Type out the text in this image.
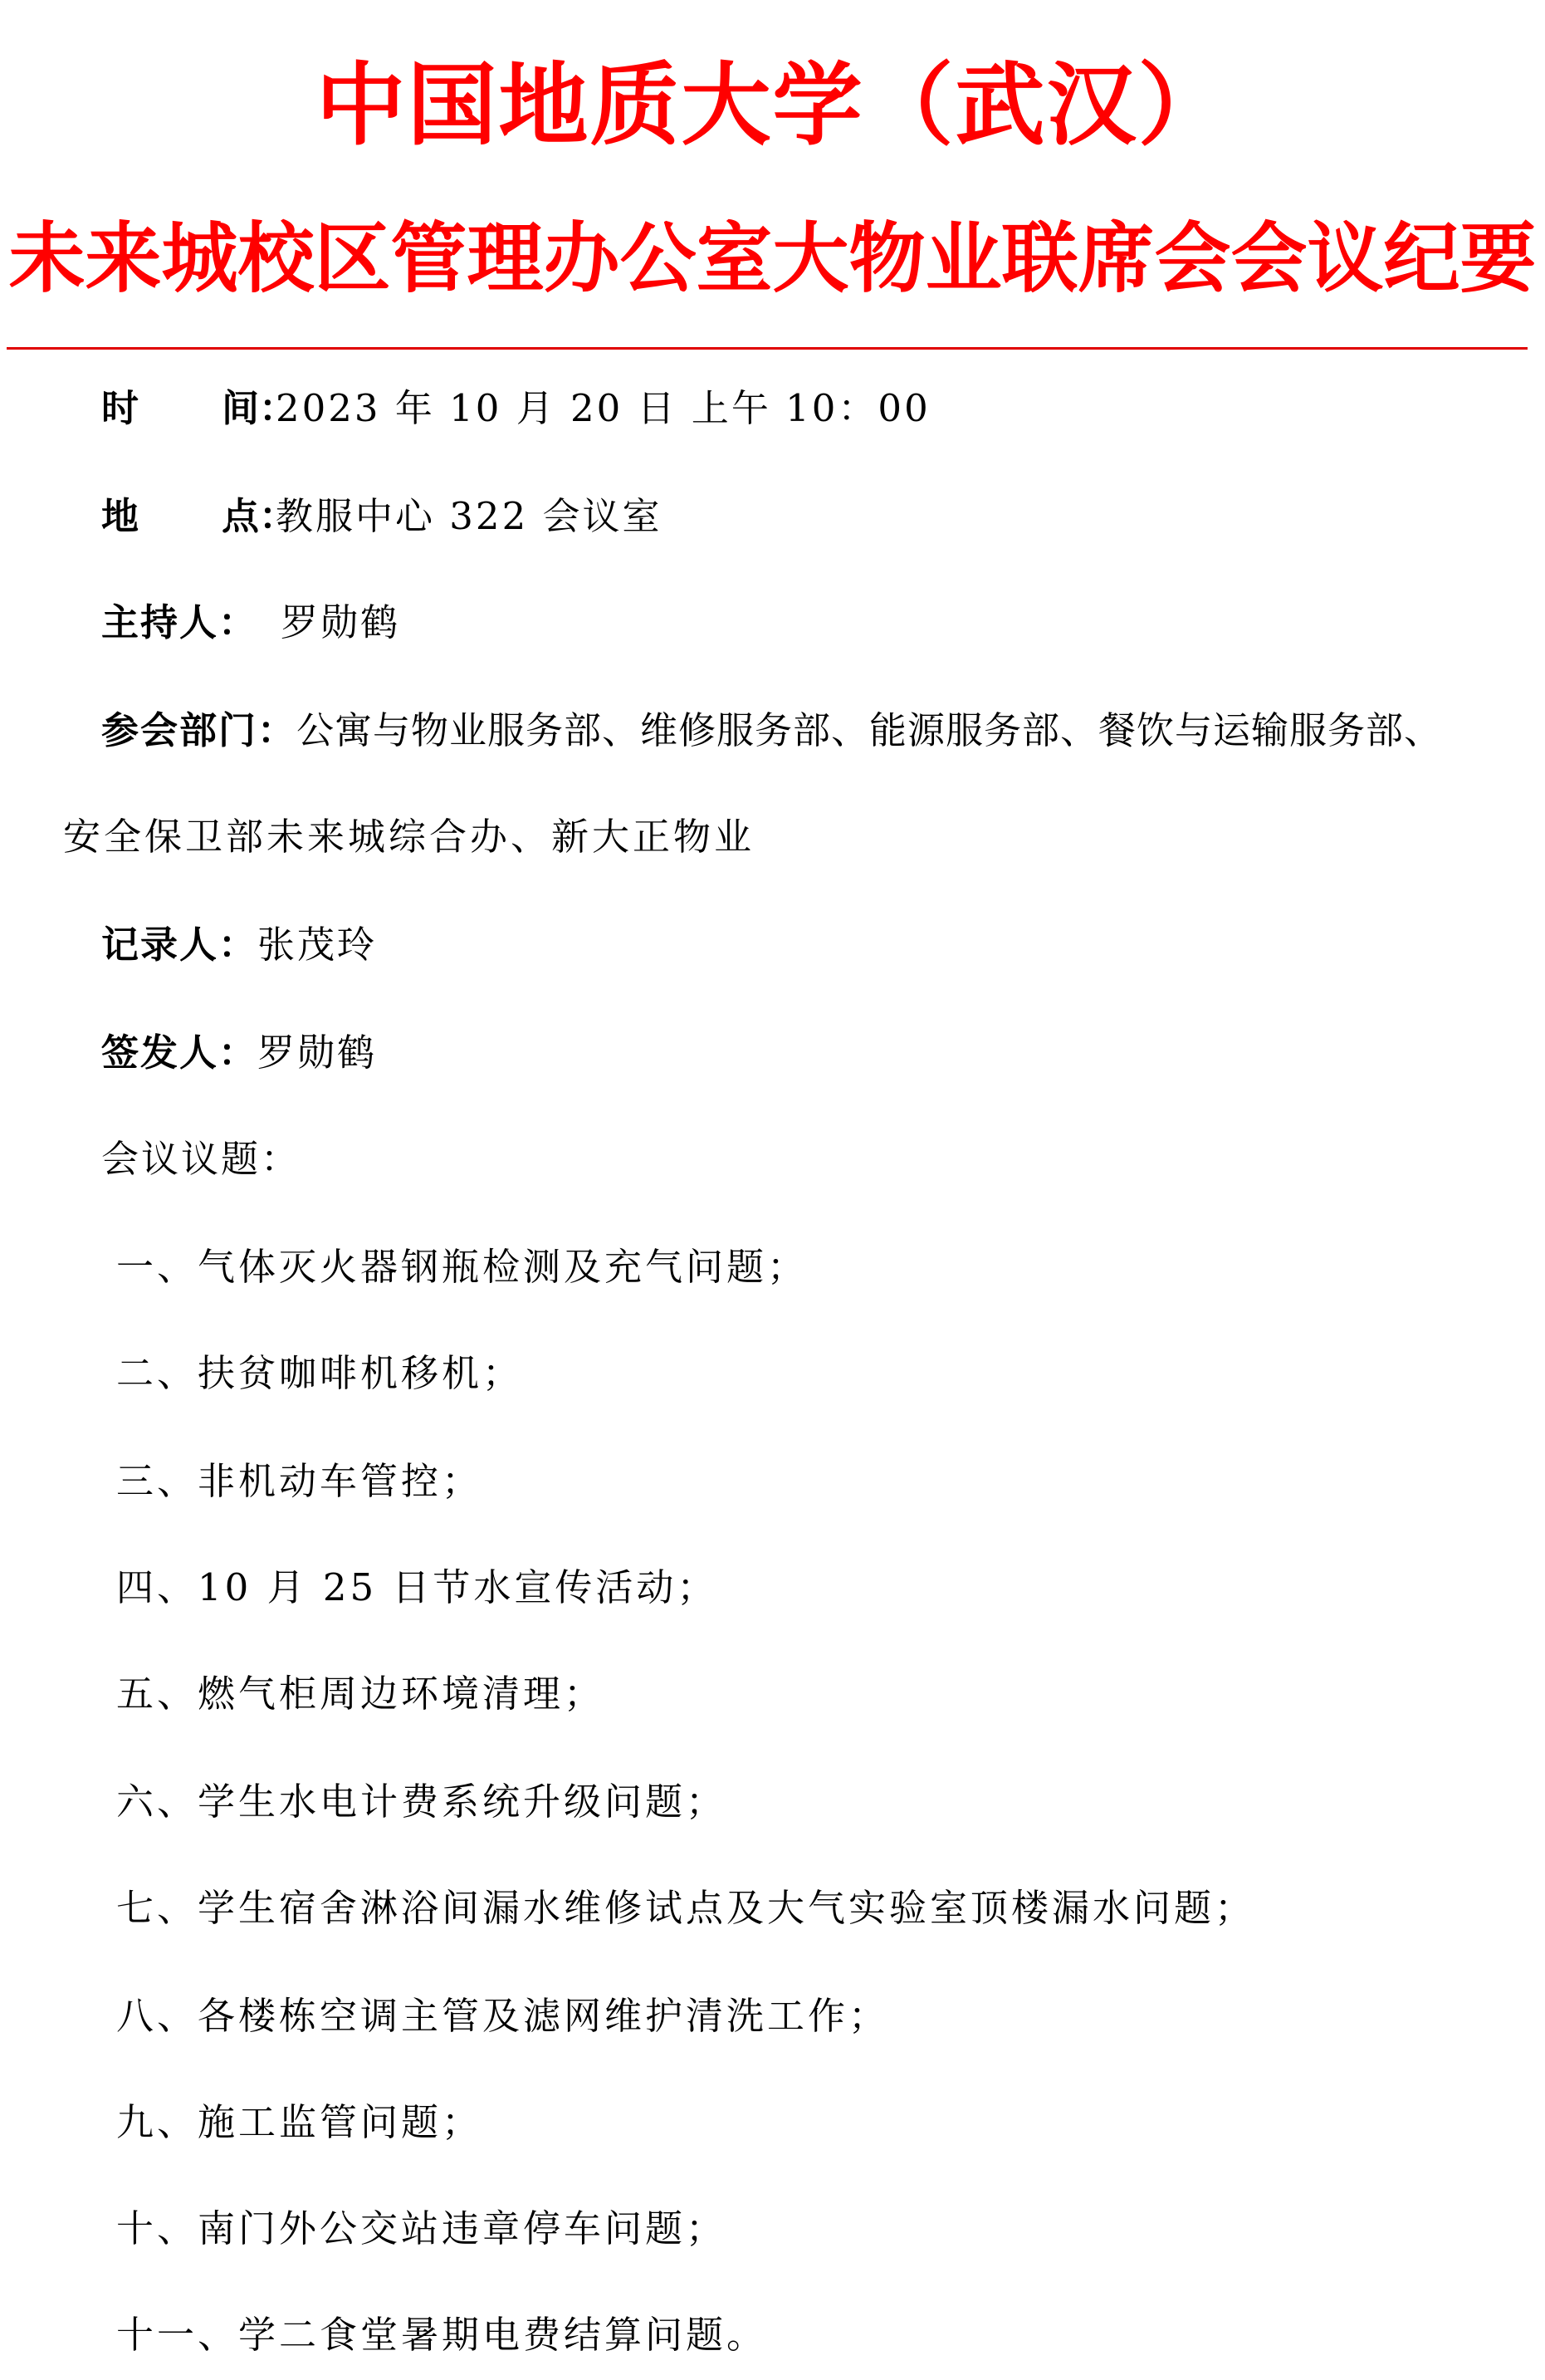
中国地质大学（武汉）
未来城校区管理办公室大物业联席会会议纪要
时 间：2023 年 10 月 20 日 上午 10：00
地 点：教服中心 322 会议室
主持人： 罗勋鹤
参会部门：公寓与物业服务部、维修服务部、能源服务部、餐饮与运输服务部、
安全保卫部未来城综合办、新大正物业
记录人：张茂玲
签发人：罗勋鹤
会议议题：
一、气体灭火器钢瓶检测及充气问题；
二、扶贫咖啡机移机；
三、非机动车管控；
四、10 月 25 日节水宣传活动；
五、燃气柜周边环境清理；
六、学生水电计费系统升级问题；
七、学生宿舍淋浴间漏水维修试点及大气实验室顶楼漏水问题；
八、各楼栋空调主管及滤网维护清洗工作；
九、施工监管问题；
十、南门外公交站违章停车问题；
十一、学二食堂暑期电费结算问题。
